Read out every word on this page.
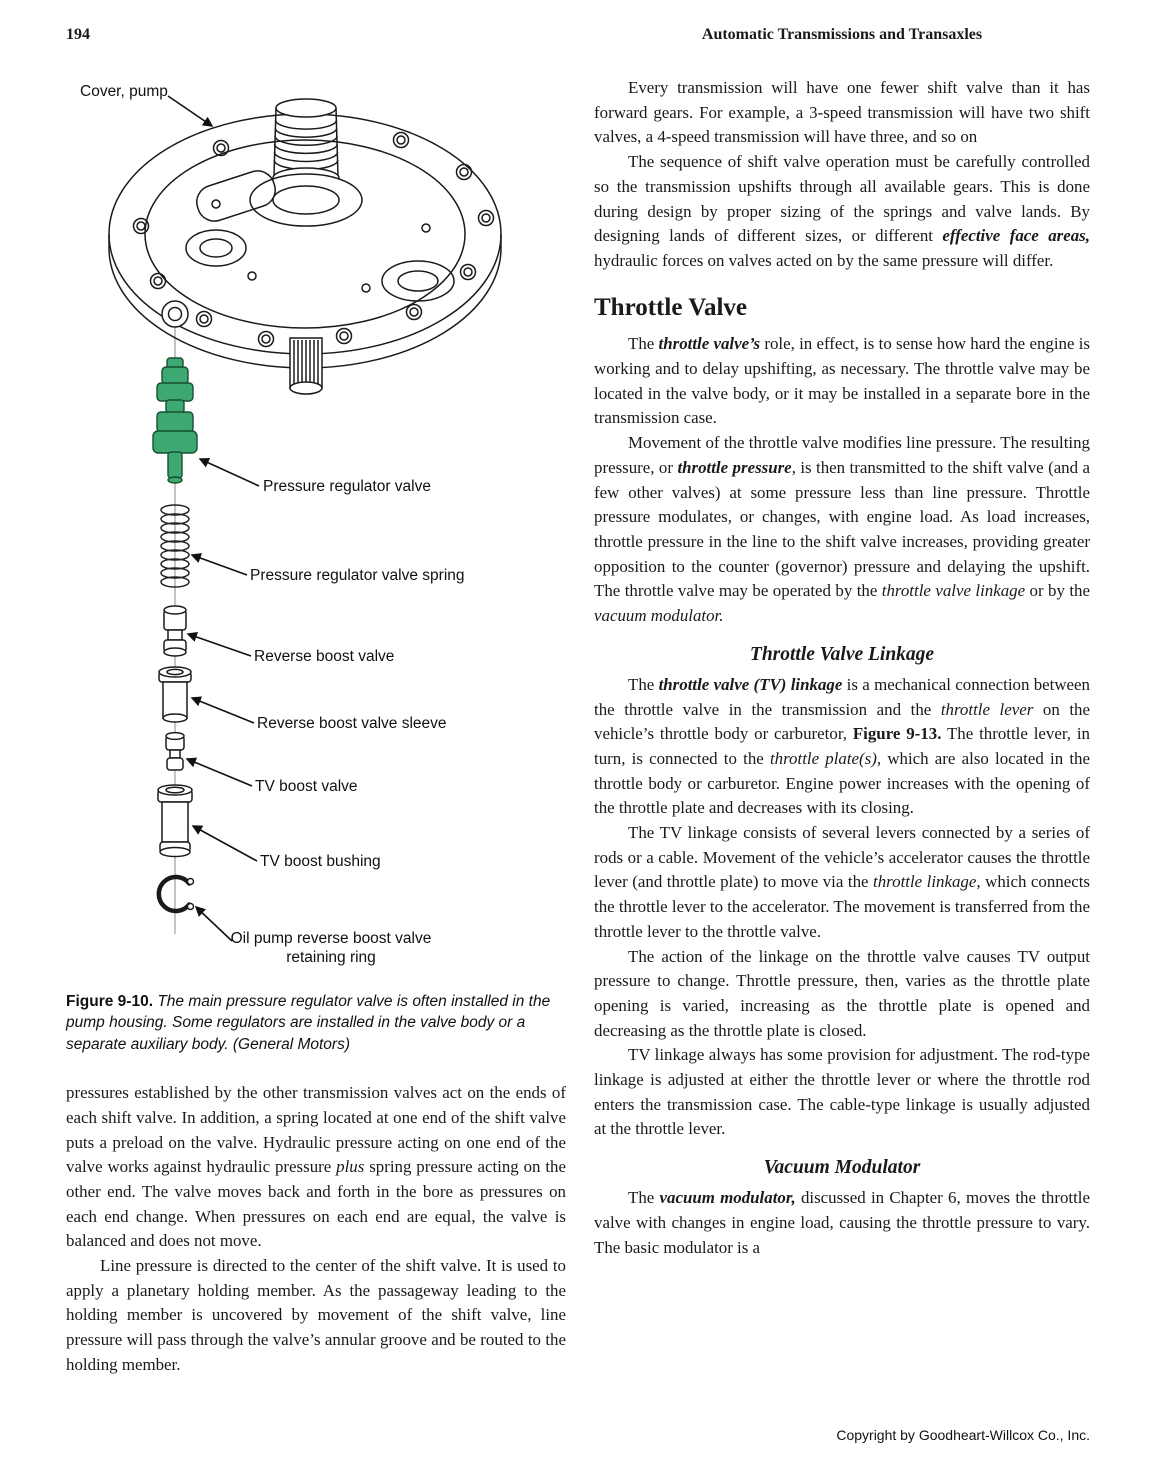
194	Automatic Transmissions and Transaxles
Cover, pump
Pressure regulator valve
Pressure regulator valve spring
Reverse boost valve
Reverse boost valve sleeve
TV boost valve
TV boost bushing
Oil pump reverse boost valve retaining ring
Figure 9-10. The main pressure regulator valve is often installed in the pump housing. Some regulators are installed in the valve body or a separate auxiliary body. (General Motors)

pressures established by the other transmission valves act on the ends of each shift valve. In addition, a spring located at one end of the shift valve puts a preload on the valve. Hydraulic pressure acting on one end of the valve works against hydraulic pressure plus spring pressure acting on the other end. The valve moves back and forth in the bore as pressures on each end change. When pressures on each end are equal, the valve is balanced and does not move.

Line pressure is directed to the center of the shift valve. It is used to apply a planetary holding member. As the passageway leading to the holding member is uncovered by movement of the shift valve, line pressure will pass through the valve’s annular groove and be routed to the holding member.

Every transmission will have one fewer shift valve than it has forward gears. For example, a 3-speed transmission will have two shift valves, a 4-speed transmission will have three, and so on

The sequence of shift valve operation must be carefully controlled so the transmission upshifts through all available gears. This is done during design by proper sizing of the springs and valve lands. By designing lands of different sizes, or different effective face areas, hydraulic forces on valves acted on by the same pressure will differ.

Throttle Valve

The throttle valve’s role, in effect, is to sense how hard the engine is working and to delay upshifting, as necessary. The throttle valve may be located in the valve body, or it may be installed in a separate bore in the transmission case.

Movement of the throttle valve modifies line pressure. The resulting pressure, or throttle pressure, is then transmitted to the shift valve (and a few other valves) at some pressure less than line pressure. Throttle pressure modulates, or changes, with engine load. As load increases, throttle pressure in the line to the shift valve increases, providing greater opposition to the counter (governor) pressure and delaying the upshift. The throttle valve may be operated by the throttle valve linkage or by the vacuum modulator.

Throttle Valve Linkage

The throttle valve (TV) linkage is a mechanical connection between the throttle valve in the transmission and the throttle lever on the vehicle’s throttle body or carburetor, Figure 9-13. The throttle lever, in turn, is connected to the throttle plate(s), which are also located in the throttle body or carburetor. Engine power increases with the opening of the throttle plate and decreases with its closing.

The TV linkage consists of several levers connected by a series of rods or a cable. Movement of the vehicle’s accelerator causes the throttle lever (and throttle plate) to move via the throttle linkage, which connects the throttle lever to the accelerator. The movement is transferred from the throttle lever to the throttle valve.

The action of the linkage on the throttle valve causes TV output pressure to change. Throttle pressure, then, varies as the throttle plate opening is varied, increasing as the throttle plate is opened and decreasing as the throttle plate is closed.

TV linkage always has some provision for adjustment. The rod-type linkage is adjusted at either the throttle lever or where the throttle rod enters the transmission case. The cable-type linkage is usually adjusted at the throttle lever.

Vacuum Modulator

The vacuum modulator, discussed in Chapter 6, moves the throttle valve with changes in engine load, causing the throttle pressure to vary. The basic modulator is a

Copyright by Goodheart-Willcox Co., Inc.
